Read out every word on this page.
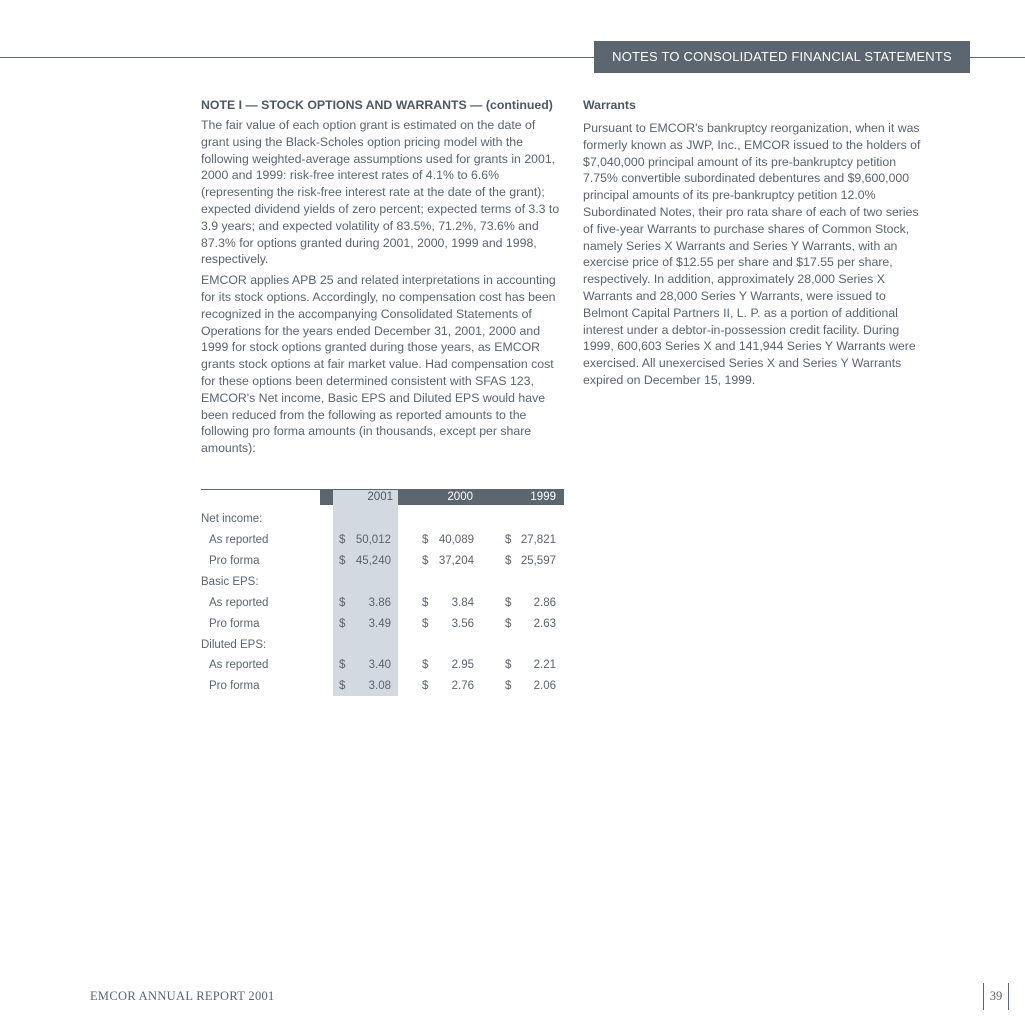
NOTES TO CONSOLIDATED FINANCIAL STATEMENTS
NOTE I — STOCK OPTIONS AND WARRANTS — (continued)
The fair value of each option grant is estimated on the date of grant using the Black-Scholes option pricing model with the following weighted-average assumptions used for grants in 2001, 2000 and 1999: risk-free interest rates of 4.1% to 6.6% (representing the risk-free interest rate at the date of the grant); expected dividend yields of zero percent; expected terms of 3.3 to 3.9 years; and expected volatility of 83.5%, 71.2%, 73.6% and 87.3% for options granted during 2001, 2000, 1999 and 1998, respectively.
EMCOR applies APB 25 and related interpretations in accounting for its stock options. Accordingly, no compensation cost has been recognized in the accompanying Consolidated Statements of Operations for the years ended December 31, 2001, 2000 and 1999 for stock options granted during those years, as EMCOR grants stock options at fair market value. Had compensation cost for these options been determined consistent with SFAS 123, EMCOR's Net income, Basic EPS and Diluted EPS would have been reduced from the following as reported amounts to the following pro forma amounts (in thousands, except per share amounts):
Warrants
Pursuant to EMCOR's bankruptcy reorganization, when it was formerly known as JWP, Inc., EMCOR issued to the holders of $7,040,000 principal amount of its pre-bankruptcy petition 7.75% convertible subordinated debentures and $9,600,000 principal amounts of its pre-bankruptcy petition 12.0% Subordinated Notes, their pro rata share of each of two series of five-year Warrants to purchase shares of Common Stock, namely Series X Warrants and Series Y Warrants, with an exercise price of $12.55 per share and $17.55 per share, respectively. In addition, approximately 28,000 Series X Warrants and 28,000 Series Y Warrants, were issued to Belmont Capital Partners II, L. P. as a portion of additional interest under a debtor-in-possession credit facility. During 1999, 600,603 Series X and 141,944 Series Y Warrants were exercised. All unexercised Series X and Series Y Warrants expired on December 15, 1999.
2001	2000	1999
Net income:
As reported	$ 50,012	$ 40,089	$ 27,821
Pro forma	$ 45,240	$ 37,204	$ 25,597
Basic EPS:
As reported	$ 3.86	$ 3.84	$ 2.86
Pro forma	$ 3.49	$ 3.56	$ 2.63
Diluted EPS:
As reported	$ 3.40	$ 2.95	$ 2.21
Pro forma	$ 3.08	$ 2.76	$ 2.06
EMCOR ANNUAL REPORT 2001	39
